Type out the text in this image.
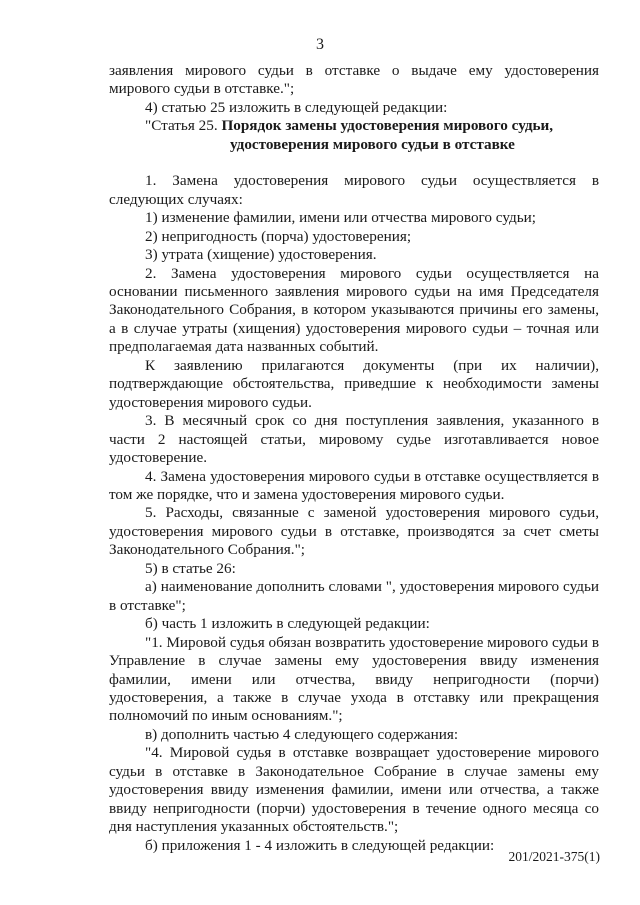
3

заявления мирового судьи в отставке о выдаче ему удостоверения мирового судьи в отставке.";

4) статью 25 изложить в следующей редакции:

"Статья 25. Порядок замены удостоверения мирового судьи,

удостоверения мирового судьи в отставке

1. Замена удостоверения мирового судьи осуществляется в следующих случаях:

1) изменение фамилии, имени или отчества мирового судьи;

2) непригодность (порча) удостоверения;

3) утрата (хищение) удостоверения.

2. Замена удостоверения мирового судьи осуществляется на основании письменного заявления мирового судьи на имя Председателя Законодательного Собрания, в котором указываются причины его замены, а в случае утраты (хищения) удостоверения мирового судьи – точная или предполагаемая дата названных событий.

К заявлению прилагаются документы (при их наличии), подтверждающие обстоятельства, приведшие к необходимости замены удостоверения мирового судьи.

3. В месячный срок со дня поступления заявления, указанного в части 2 настоящей статьи, мировому судье изготавливается новое удостоверение.

4. Замена удостоверения мирового судьи в отставке осуществляется в том же порядке, что и замена удостоверения мирового судьи.

5. Расходы, связанные с заменой удостоверения мирового судьи, удостоверения мирового судьи в отставке, производятся за счет сметы Законодательного Собрания.";

5) в статье 26:

а) наименование дополнить словами ", удостоверения мирового судьи в отставке";

б) часть 1 изложить в следующей редакции:

"1. Мировой судья обязан возвратить удостоверение мирового судьи в Управление в случае замены ему удостоверения ввиду изменения фамилии, имени или отчества, ввиду непригодности (порчи) удостоверения, а также в случае ухода в отставку или прекращения полномочий по иным основаниям.";

в) дополнить частью 4 следующего содержания:

"4. Мировой судья в отставке возвращает удостоверение мирового судьи в отставке в Законодательное Собрание в случае замены ему удостоверения ввиду изменения фамилии, имени или отчества, а также ввиду непригодности (порчи) удостоверения в течение одного месяца со дня наступления указанных обстоятельств.";

б) приложения 1 - 4 изложить в следующей редакции:

201/2021-375(1)
